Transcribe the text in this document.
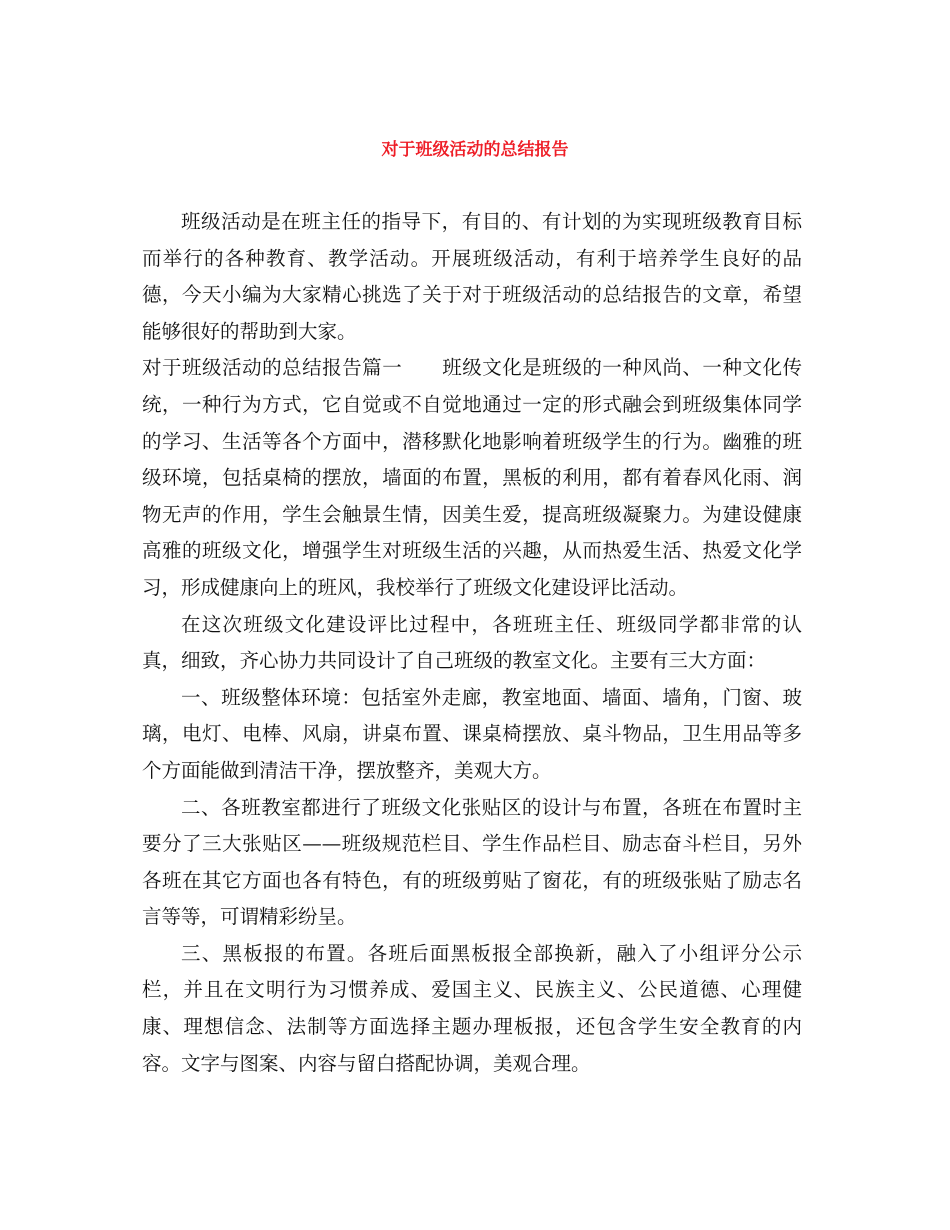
对于班级活动的总结报告

班级活动是在班主任的指导下，有目的、有计划的为实现班级教育目标而举行的各种教育、教学活动。开展班级活动，有利于培养学生良好的品德，今天小编为大家精心挑选了关于对于班级活动的总结报告的文章，希望能够很好的帮助到大家。

对于班级活动的总结报告篇一 班级文化是班级的一种风尚、一种文化传统，一种行为方式，它自觉或不自觉地通过一定的形式融会到班级集体同学的学习、生活等各个方面中，潜移默化地影响着班级学生的行为。幽雅的班级环境，包括桌椅的摆放，墙面的布置，黑板的利用，都有着春风化雨、润物无声的作用，学生会触景生情，因美生爱，提高班级凝聚力。为建设健康高雅的班级文化，增强学生对班级生活的兴趣，从而热爱生活、热爱文化学习，形成健康向上的班风，我校举行了班级文化建设评比活动。

在这次班级文化建设评比过程中，各班班主任、班级同学都非常的认真，细致，齐心协力共同设计了自己班级的教室文化。主要有三大方面：

一、班级整体环境：包括室外走廊，教室地面、墙面、墙角，门窗、玻璃，电灯、电棒、风扇，讲桌布置、课桌椅摆放、桌斗物品，卫生用品等多个方面能做到清洁干净，摆放整齐，美观大方。

二、各班教室都进行了班级文化张贴区的设计与布置，各班在布置时主要分了三大张贴区——班级规范栏目、学生作品栏目、励志奋斗栏目，另外各班在其它方面也各有特色，有的班级剪贴了窗花，有的班级张贴了励志名言等等，可谓精彩纷呈。

三、黑板报的布置。各班后面黑板报全部换新，融入了小组评分公示栏，并且在文明行为习惯养成、爱国主义、民族主义、公民道德、心理健康、理想信念、法制等方面选择主题办理板报，还包含学生安全教育的内容。文字与图案、内容与留白搭配协调，美观合理。
